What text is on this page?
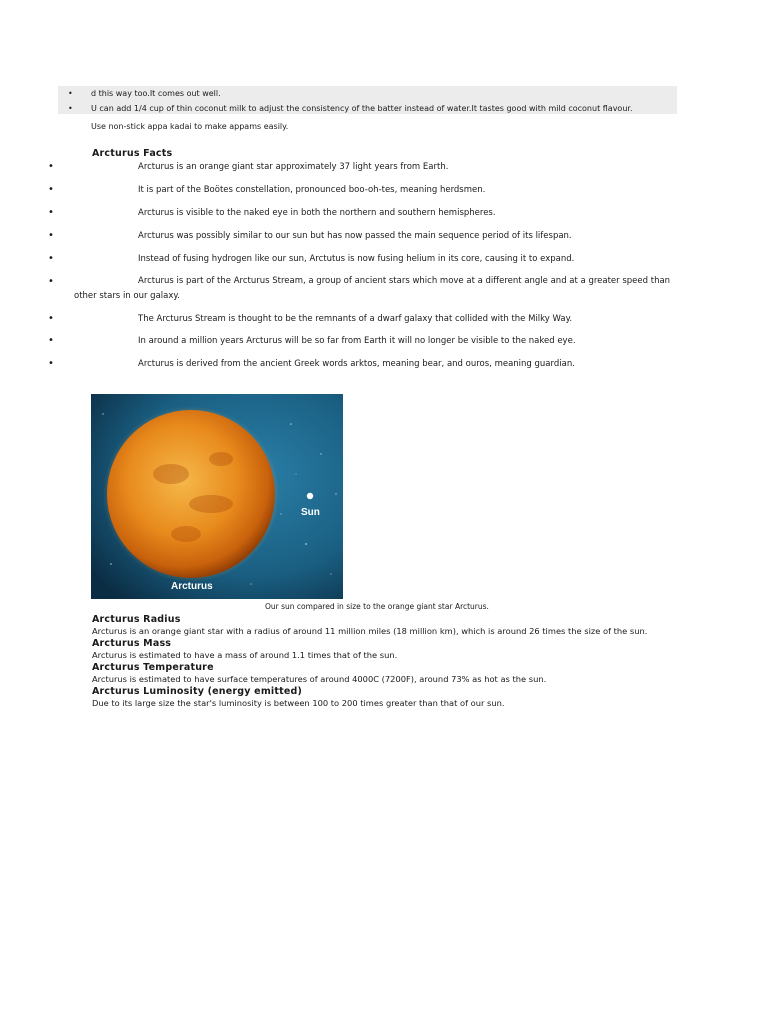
• d this way too.It comes out well.
• U can add 1/4 cup of thin coconut milk to adjust the consistency of the batter instead of water.It tastes good with mild coconut flavour.
Use non-stick appa kadai to make appams easily.
Arcturus Facts
•	Arcturus is an orange giant star approximately 37 light years from Earth.
•	It is part of the Boötes constellation, pronounced boo-oh-tes, meaning herdsmen.
•	Arcturus is visible to the naked eye in both the northern and southern hemispheres.
•	Arcturus was possibly similar to our sun but has now passed the main sequence period of its lifespan.
•	Instead of fusing hydrogen like our sun, Arctutus is now fusing helium in its core, causing it to expand.
•	Arcturus is part of the Arcturus Stream, a group of ancient stars which move at a different angle and at a greater speed than other stars in our galaxy.
•	The Arcturus Stream is thought to be the remnants of a dwarf galaxy that collided with the Milky Way.
•	In around a million years Arcturus will be so far from Earth it will no longer be visible to the naked eye.
•	Arcturus is derived from the ancient Greek words arktos, meaning bear, and ouros, meaning guardian.
Sun
Arcturus
Our sun compared in size to the orange giant star Arcturus.
Arcturus Radius
Arcturus is an orange giant star with a radius of around 11 million miles (18 million km), which is around 26 times the size of the sun.
Arcturus Mass
Arcturus is estimated to have a mass of around 1.1 times that of the sun.
Arcturus Temperature
Arcturus is estimated to have surface temperatures of around 4000C (7200F), around 73% as hot as the sun.
Arcturus Luminosity (energy emitted)
Due to its large size the star's luminosity is between 100 to 200 times greater than that of our sun.
